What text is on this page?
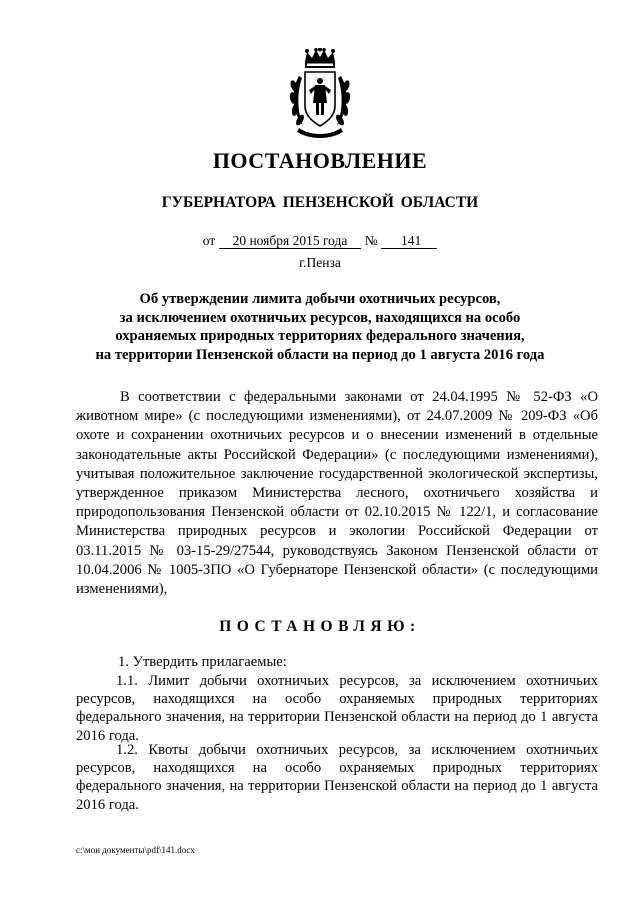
ПОСТАНОВЛЕНИЕ
ГУБЕРНАТОРА ПЕНЗЕНСКОЙ ОБЛАСТИ
от 20 ноября 2015 года № 141
г.Пенза
Об утверждении лимита добычи охотничьих ресурсов,
за исключением охотничьих ресурсов, находящихся на особо
охраняемых природных территориях федерального значения,
на территории Пензенской области на период до 1 августа 2016 года

В соответствии с федеральными законами от 24.04.1995 № 52-ФЗ «О животном мире» (с последующими изменениями), от 24.07.2009 № 209-ФЗ «Об охоте и сохранении охотничьих ресурсов и о внесении изменений в отдельные законодательные акты Российской Федерации» (с последующими изменениями), учитывая положительное заключение государственной экологической экспертизы, утвержденное приказом Министерства лесного, охотничьего хозяйства и природопользования Пензенской области от 02.10.2015 № 122/1, и согласование Министерства природных ресурсов и экологии Российской Федерации от 03.11.2015 № 03-15-29/27544, руководствуясь Законом Пензенской области от 10.04.2006 № 1005-ЗПО «О Губернаторе Пензенской области» (с последующими изменениями),

ПОСТАНОВЛЯЮ:

1. Утвердить прилагаемые:

1.1. Лимит добычи охотничьих ресурсов, за исключением охотничьих ресурсов, находящихся на особо охраняемых природных территориях федерального значения, на территории Пензенской области на период до 1 августа 2016 года.

1.2. Квоты добычи охотничьих ресурсов, за исключением охотничьих ресурсов, находящихся на особо охраняемых природных территориях федерального значения, на территории Пензенской области на период до 1 августа 2016 года.

c:\мои документы\pdf\141.docx
